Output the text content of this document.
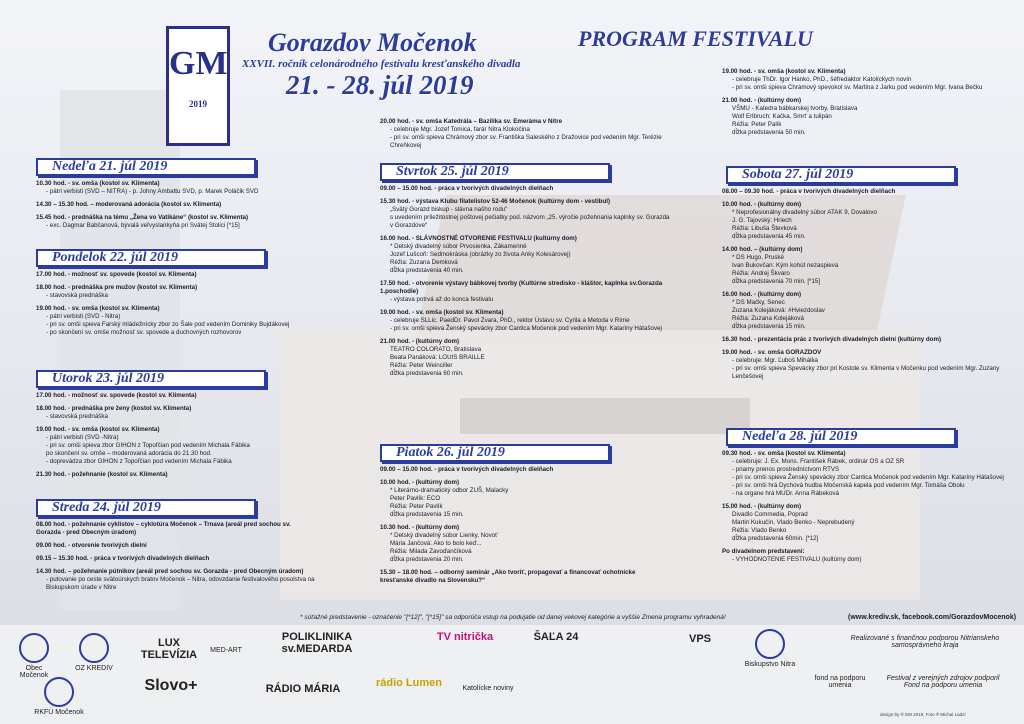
GM
2019
Gorazdov Močenok
XXVII. ročník celonárodného festivalu kresťanského divadla
21. - 28. júl 2019
PROGRAM FESTIVALU
Nedeľa 21. júl 2019
10.30 hod. - sv. omša (kostol sv. Klimenta)
- pátri verbisti (SVD – NITRA) - p. Johny Ambattu SVD, p. Marek Poláčik SVD
14.30 – 15.30 hod. – moderovaná adorácia (kostol sv. Klimenta)
15.45 hod. - prednáška na tému „Žena vo Vatikáne“ (kostol sv. Klimenta)
- exc. Dagmar Babčanová, bývalá veľvyslankyňa pri Svätej Stolici [*15]
Pondelok 22. júl 2019
17.00 hod. - možnosť sv. spovede (kostol sv. Klimenta)
18.00 hod. - prednáška pre mužov (kostol sv. Klimenta)
- stavovská prednáška
19.00 hod. - sv. omša (kostol sv. Klimenta)
- pátri verbisti (SVD - Nitra)
- pri sv. omši spieva Farský mládežnícky zbor zo Šale pod vedením Dominiky Bujdákovej
- po skončení sv. omše možnosť sv. spovede a duchovných rozhovorov
Utorok 23. júl 2019
17.00 hod. - možnosť sv. spovede (kostol sv. Klimenta)
18.00 hod. - prednáška pre ženy (kostol sv. Klimenta)
- stavovská prednáška
19.00 hod. - sv. omša (kostol sv. Klimenta)
- pátri verbisti (SVD -Nitra)
- pri sv. omši spieva zbor GIHON z Topoľčian pod vedením Michala Fábika
po skončení sv. omše – moderovaná adorácia do 21.30 hod.
- doprevádza zbor GIHON z Topoľčian pod vedením Michala Fábika
21.30 hod. - požehnanie (kostol sv. Klimenta)
Streda 24. júl 2019
08.00 hod. - požehnanie cyklistov – cyklotúra Močenok – Trnava (areál pred sochou sv. Gorazda - pred Obecným úradom)
09.00 hod. - otvorenie tvorivých dielní
09.15 – 15.30 hod. - práca v tvorivých divadelných dielňach
14.30 hod. – požehnanie pútnikov (areál pred sochou sv. Gorazda - pred Obecným úradom)
- putovanie po ceste svätoúrskych bratov Močenok – Nitra, odovzdanie festivalového posolstva na Biskupskom úrade v Nitre
20.00 hod. - sv. omša Katedrála – Bazilika sv. Emeráma v Nitre
- celebruje Mgr. Jozef Tomica, farár Nitra Klokočina
- pri sv. omši spieva Chrámový zbor sv. Františka Saleského z Dražovice pod vedením Mgr. Terézie Chreňkovej
Štvrtok 25. júl 2019
09.00 – 15.00 hod. - práca v tvorivých divadelných dielňach
15.30 hod. - výstava Klubu filatelistov 52-46 Močenok (kultúrny dom - vestibul)
„Svätý Gorazd biskup - slávna našho rodu“
s uvedením príležitostnej poštovej pečiatky pod. názvom „25. výročie požehnania kaplnky sv. Gorazda v Gorazdove“
16.00 hod. - SLÁVNOSTNÉ OTVORENIE FESTIVALU (kultúrny dom)
* Detský divadelný súbor Prvosienka, Zákamenné
Jozef Lušcoň: Sedmokráska (obrázky zo života Anky Kolesárovej)
Réžia: Zuzana Demková
dĺžka predstavenia 40 min.
17.50 hod. - otvorenie výstavy bábkovej tvorby (Kultúrne stredisko - kláštor, kaplnka sv.Gorazda 1.poschodie)
- výstava potrvá až do konca festivalu
19.00 hod. - sv. omša (kostol sv. Klimenta)
- celebruje SLLic. PaedDr. Pavol Zvara, PhD., rektor Ústavu sv. Cyrila a Metoda v Ríme
- pri sv. omši spieva Ženský spevácky zbor Cantica Močenok pod vedením Mgr. Kataríny Hátašovej
21.00 hod. - (kultúrny dom)
TEATRO COLORATO, Bratislava
Beata Panáková: LOUIS BRAILLE
Réžia: Peter Weinciller
dĺžka predstavenia 60 min.
Piatok 26. júl 2019
09.00 – 15.00 hod. - práca v tvorivých divadelných dielňach
10.00 hod. - (kultúrny dom)
* Literárno-dramatický odbor ZUŠ, Malacky
Peter Pavlík: ECO
Réžia: Peter Pavlík
dĺžka predstavenia 15 min.
10.30 hod. - (kultúrny dom)
* Detský divadelný súbor Lienky, Novoť
Mária Jančová: Ako to bolo keď...
Réžia: Milada Zavoďančíková
dĺžka predstavenia 20 min.
15.30 – 18.00 hod. – odborný seminár „Ako tvoriť, propagovať a financovať ochotnícke kresťanské divadlo na Slovensku?“
19.00 hod. - sv. omša (kostol sv. Klimenta)
- celebruje ThDr. Igor Hanko, PhD., šéfredaktor Katolíckych novín
- pri sv. omši spieva Chrámový spevokol sv. Martina z Jarku pod vedením Mgr. Ivana Bečku
21.00 hod. - (kultúrny dom)
VŠMU - Katedra bábkarskej tvorby, Bratislava
Wolf Erlbruch: Kačka, Smrť a tulipán
Réžia: Peter Palík
dĺžka predstavenia 50 min.
Sobota 27. júl 2019
08.00 – 09.30 hod. - práca v tvorivých divadelných dielňach
10.00 hod. - (kultúrny dom)
* Neprofesionálny divadelný súbor ATAK 9, Dovalovo
J. G. Tajovský: Hriech
Réžia: Libuša Števková
dĺžka predstavenia 45 min.
14.00 hod. – (kultúrny dom)
* DS Hugo, Pruské
Ivan Bukovčan: Kým kohút nezaspieva
Réžia: Andrej Škvaro
dĺžka predstavenia 70 min. [*15]
16.00 hod. - (kultúrny dom)
* DS Mačky, Senec
Zuzana Kolejáková: #Hviezdoslav
Réžia: Zuzana Kolejáková
dĺžka predstavenia 15 min.
16.30 hod. - prezentácia prác z tvorivých divadelných dielní (kultúrny dom)
19.00 hod. - sv. omša GORAZDOV
- celebruje: Mgr. Ľuboš Mihálka
- pri sv. omši spieva Spevácky zbor pri Kostole sv. Klimenta v Močenku pod vedením Mgr. Zuzany Lenčešovej
Nedeľa 28. júl 2019
09.30 hod. - sv. omša (kostol sv. Klimenta)
- celebruje: J. Ex. Mons. František Rábek, ordinár OS a OZ SR
- priamy prenos prostredníctvom RTVS
- pri sv. omši spieva Ženský spevácky zbor Cantica Močenok pod vedením Mgr. Kataríny Hátašovej
- pri sv. omši hrá Dychová hudba Močenská kapela pod vedením Mgr. Tomáša Obolu
- na organe hrá MUDr. Anna Rábeková
15.00 hod. - (kultúrny dom)
Divadlo Commedia, Poprad
Martin Kukučín, Vlado Benko - Neprebudený
Réžia: Vlado Benko
dĺžka predstavenia 60min. [*12]
Po divadelnom predstavení:
- VYHODNOTENIE FESTIVALU (kultúrny dom)
* súťažné predstavenie - označenie "[*12]", "[*15]" sa odporúča vstup na podujatie od danej vekovej kategórie a vyššie Zmena programu vyhradená!	(www.krediv.sk, facebook.com/GorazdovMocenok)
Obec Močenok
OZ KREDIV
LUX TELEVÍZIA	MED-ART
POLIKLINIKA sv.MEDARDA
TV nitrička	ŠAĽA 24	VPS
Biskupstvo Nitra
Realizované s finančnou podporou Nitrianskeho samosprávneho kraja
RKFÚ Močenok
Slovo+	RÁDIO MÁRIA	rádio Lumen	Katolícke noviny
fond na podporu umenia
Festival z verejných zdrojov podporil Fond na podporu umenia
design by ® EM 2019, Foto ® Michal Ladzí
